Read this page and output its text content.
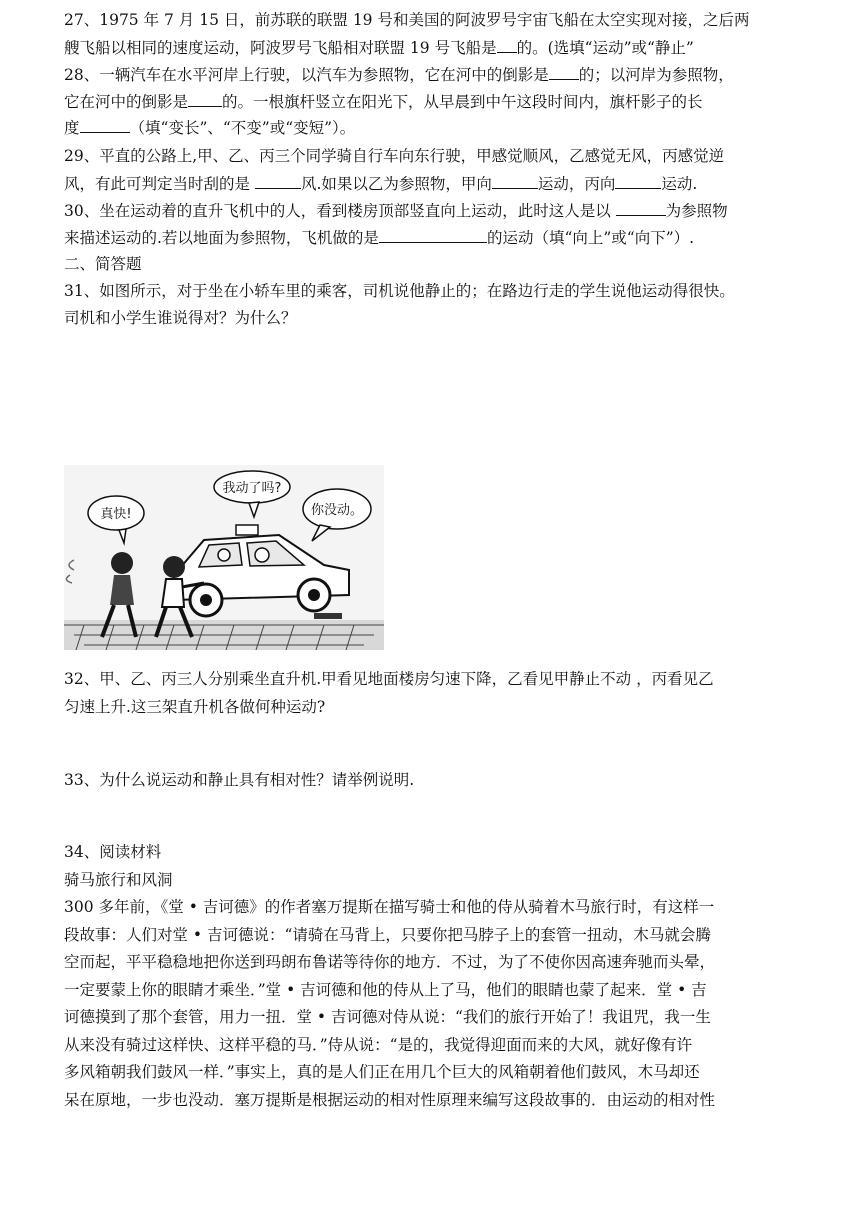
27、1975 年 7 月 15 日，前苏联的联盟 19 号和美国的阿波罗号宇宙飞船在太空实现对接，之后两
艘飞船以相同的速度运动，阿波罗号飞船相对联盟 19 号飞船是 的。(选填“运动”或“静止”
28、一辆汽车在水平河岸上行驶，以汽车为参照物，它在河中的倒影是 的；以河岸为参照物，
它在河中的倒影是 的。一根旗杆竖立在阳光下，从早晨到中午这段时间内，旗杆影子的长
度	（填“变长”、“不变”或“变短”）。
29、平直的公路上,甲、乙、丙三个同学骑自行车向东行驶，甲感觉顺风，乙感觉无风，丙感觉逆
风，有此可判定当时刮的是	风.如果以乙为参照物，甲向	运动，丙向	运动.
30、坐在运动着的直升飞机中的人，看到楼房顶部竖直向上运动，此时这人是以	为参照物
来描述运动的.若以地面为参照物，飞机做的是	的运动（填“向上”或“向下”）.
二、简答题
31、如图所示，对于坐在小轿车里的乘客，司机说他静止的；在路边行走的学生说他运动得很快。
司机和小学生谁说得对？为什么？
真快!
我动了吗?
你没动。
32、甲、乙、丙三人分别乘坐直升机.甲看见地面楼房匀速下降，乙看见甲静止不动 ，丙看见乙
匀速上升.这三架直升机各做何种运动?
33、为什么说运动和静止具有相对性？请举例说明.
34、阅读材料
骑马旅行和风洞
300 多年前，《堂 • 吉诃德》的作者塞万提斯在描写骑士和他的侍从骑着木马旅行时，有这样一
段故事：人们对堂 • 吉诃德说：“请骑在马背上，只要你把马脖子上的套管一扭动，木马就会腾
空而起，平平稳稳地把你送到玛朗布鲁诺等待你的地方．不过，为了不使你因高速奔驰而头晕，
一定要蒙上你的眼睛才乘坐．”堂 • 吉诃德和他的侍从上了马，他们的眼睛也蒙了起来．堂 • 吉
诃德摸到了那个套管，用力一扭．堂 • 吉诃德对侍从说：“我们的旅行开始了！我诅咒，我一生
从来没有骑过这样快、这样平稳的马．”侍从说：“是的，我觉得迎面而来的大风，就好像有许
多风箱朝我们鼓风一样．”事实上，真的是人们正在用几个巨大的风箱朝着他们鼓风，木马却还
呆在原地，一步也没动．塞万提斯是根据运动的相对性原理来编写这段故事的．由运动的相对性
